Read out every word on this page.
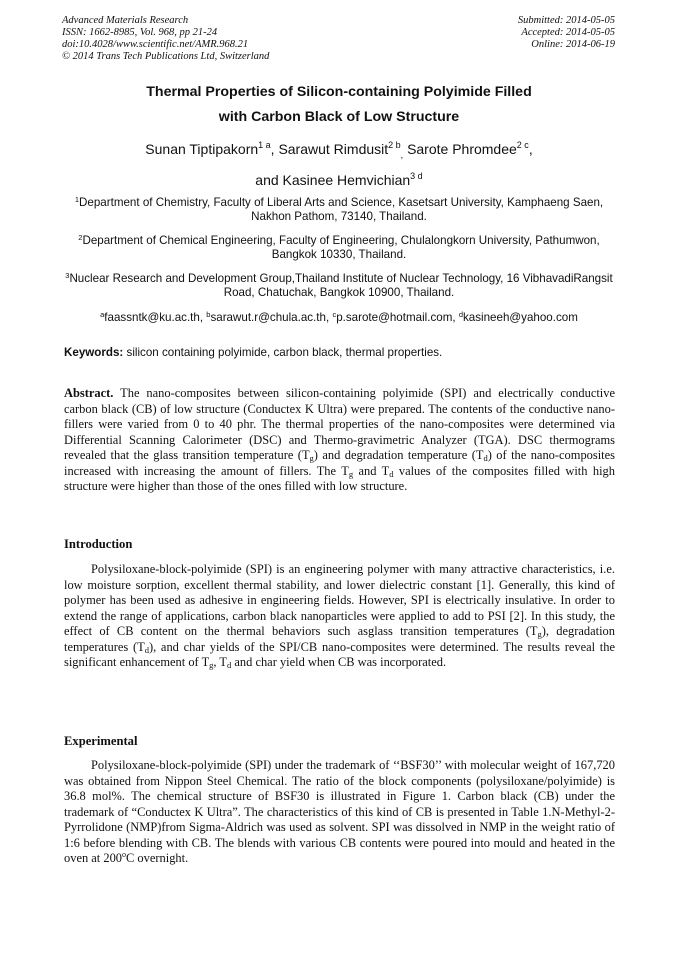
Advanced Materials Research
ISSN: 1662-8985, Vol. 968, pp 21-24
doi:10.4028/www.scientific.net/AMR.968.21
© 2014 Trans Tech Publications Ltd, Switzerland
Submitted: 2014-05-05
Accepted: 2014-05-05
Online: 2014-06-19
Thermal Properties of Silicon-containing Polyimide Filled
with Carbon Black of Low Structure
Sunan Tiptipakorn$^{1 a}$, Sarawut Rimdusit$^{2 b}_,$ Sarote Phromdee$^{2 c}$,
and Kasinee Hemvichian$^{3 d}$
$^1$Department of Chemistry, Faculty of Liberal Arts and Science, Kasetsart University, Kamphaeng Saen, Nakhon Pathom, 73140, Thailand.
$^2$Department of Chemical Engineering, Faculty of Engineering, Chulalongkorn University, Pathumwon, Bangkok 10330, Thailand.
$^3$Nuclear Research and Development Group,Thailand Institute of Nuclear Technology, 16 VibhavadiRangsit Road, Chatuchak, Bangkok 10900, Thailand.
$^a$faassntk@ku.ac.th, $^b$sarawut.r@chula.ac.th, $^c$p.sarote@hotmail.com, $^d$kasineeh@yahoo.com
Keywords: silicon containing polyimide, carbon black, thermal properties.
Abstract. The nano-composites between silicon-containing polyimide (SPI) and electrically conductive carbon black (CB) of low structure (Conductex K Ultra) were prepared. The contents of the conductive nano-fillers were varied from 0 to 40 phr. The thermal properties of the nano-composites were determined via Differential Scanning Calorimeter (DSC) and Thermo-gravimetric Analyzer (TGA). DSC thermograms revealed that the glass transition temperature $(T_g)$ and degradation temperature $(T_d)$ of the nano-composites increased with increasing the amount of fillers. The $T_g$ and $T_d$ values of the composites filled with high structure were higher than those of the ones filled with low structure.
Introduction
Polysiloxane-block-polyimide (SPI) is an engineering polymer with many attractive characteristics, i.e. low moisture sorption, excellent thermal stability, and lower dielectric constant [1]. Generally, this kind of polymer has been used as adhesive in engineering fields. However, SPI is electrically insulative. In order to extend the range of applications, carbon black nanoparticles were applied to add to PSI [2]. In this study, the effect of CB content on the thermal behaviors such asglass transition temperatures $(T_g)$, degradation temperatures $(T_d)$, and char yields of the SPI/CB nano-composites were determined. The results reveal the significant enhancement of $T_g$, $T_d$ and char yield when CB was incorporated.
Experimental
Polysiloxane-block-polyimide (SPI) under the trademark of ‘‘BSF30’’ with molecular weight of 167,720 was obtained from Nippon Steel Chemical. The ratio of the block components (polysiloxane/polyimide) is 36.8 mol%. The chemical structure of BSF30 is illustrated in Figure 1. Carbon black (CB) under the trademark of “Conductex K Ultra”. The characteristics of this kind of CB is presented in Table 1.N-Methyl-2-Pyrrolidone (NMP)from Sigma-Aldrich was used as solvent. SPI was dissolved in NMP in the weight ratio of 1:6 before blending with CB. The blends with various CB contents were poured into mould and heated in the oven at 200$^o$C overnight.
